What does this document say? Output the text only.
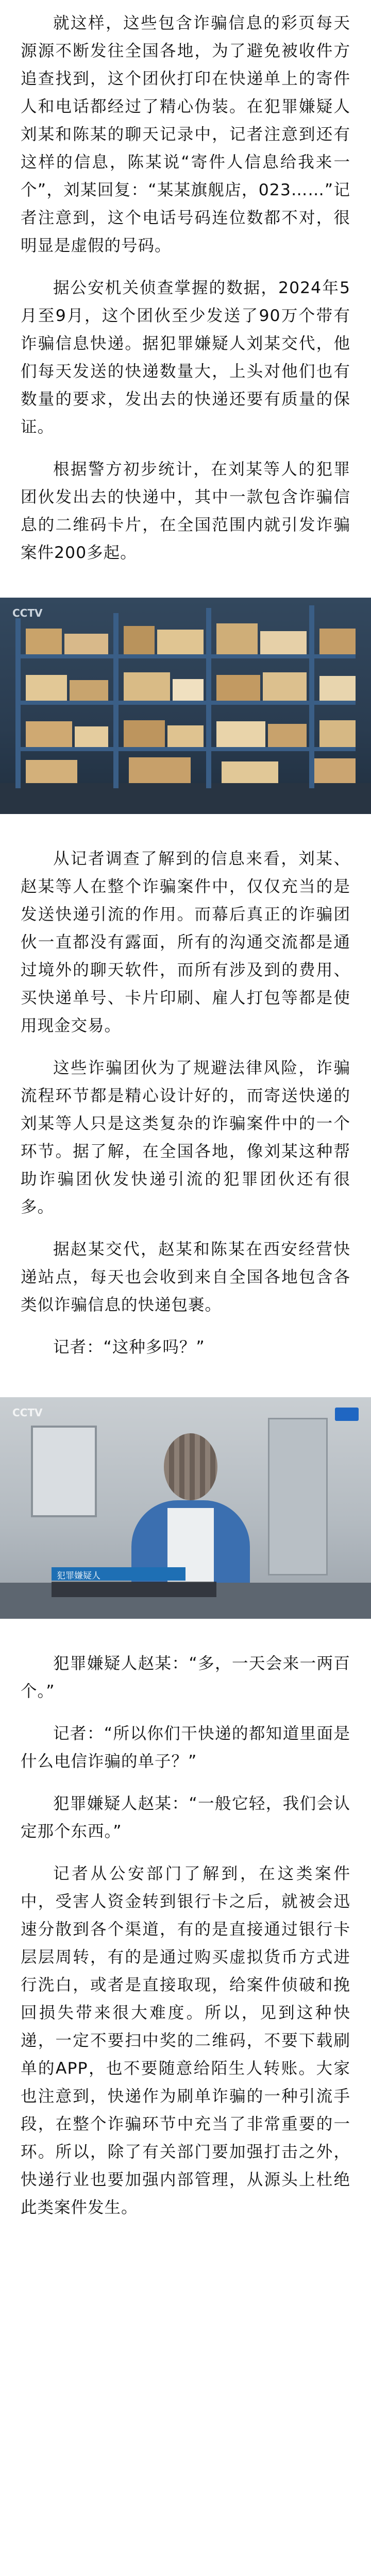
就这样，这些包含诈骗信息的彩页每天源源不断发往全国各地，为了避免被收件方追查找到，这个团伙打印在快递单上的寄件人和电话都经过了精心伪装。在犯罪嫌疑人刘某和陈某的聊天记录中，记者注意到还有这样的信息，陈某说“寄件人信息给我来一个”，刘某回复：“某某旗舰店，023……”记者注意到，这个电话号码连位数都不对，很明显是虚假的号码。

据公安机关侦查掌握的数据，2024年5月至9月，这个团伙至少发送了90万个带有诈骗信息快递。据犯罪嫌疑人刘某交代，他们每天发送的快递数量大，上头对他们也有数量的要求，发出去的快递还要有质量的保证。

根据警方初步统计，在刘某等人的犯罪团伙发出去的快递中，其中一款包含诈骗信息的二维码卡片，在全国范围内就引发诈骗案件200多起。

CCTV

从记者调查了解到的信息来看，刘某、赵某等人在整个诈骗案件中，仅仅充当的是发送快递引流的作用。而幕后真正的诈骗团伙一直都没有露面，所有的沟通交流都是通过境外的聊天软件，而所有涉及到的费用、买快递单号、卡片印刷、雇人打包等都是使用现金交易。

这些诈骗团伙为了规避法律风险，诈骗流程环节都是精心设计好的，而寄送快递的刘某等人只是这类复杂的诈骗案件中的一个环节。据了解，在全国各地，像刘某这种帮助诈骗团伙发快递引流的犯罪团伙还有很多。

据赵某交代，赵某和陈某在西安经营快递站点，每天也会收到来自全国各地包含各类似诈骗信息的快递包裹。

记者：“这种多吗？”

犯罪嫌疑人
CCTV

犯罪嫌疑人赵某：“多，一天会来一两百个。”

记者：“所以你们干快递的都知道里面是什么电信诈骗的单子？”

犯罪嫌疑人赵某：“一般它轻，我们会认定那个东西。”

记者从公安部门了解到，在这类案件中，受害人资金转到银行卡之后，就被会迅速分散到各个渠道，有的是直接通过银行卡层层周转，有的是通过购买虚拟货币方式进行洗白，或者是直接取现，给案件侦破和挽回损失带来很大难度。所以，见到这种快递，一定不要扫中奖的二维码，不要下载刷单的APP，也不要随意给陌生人转账。大家也注意到，快递作为刷单诈骗的一种引流手段，在整个诈骗环节中充当了非常重要的一环。所以，除了有关部门要加强打击之外，快递行业也要加强内部管理，从源头上杜绝此类案件发生。
